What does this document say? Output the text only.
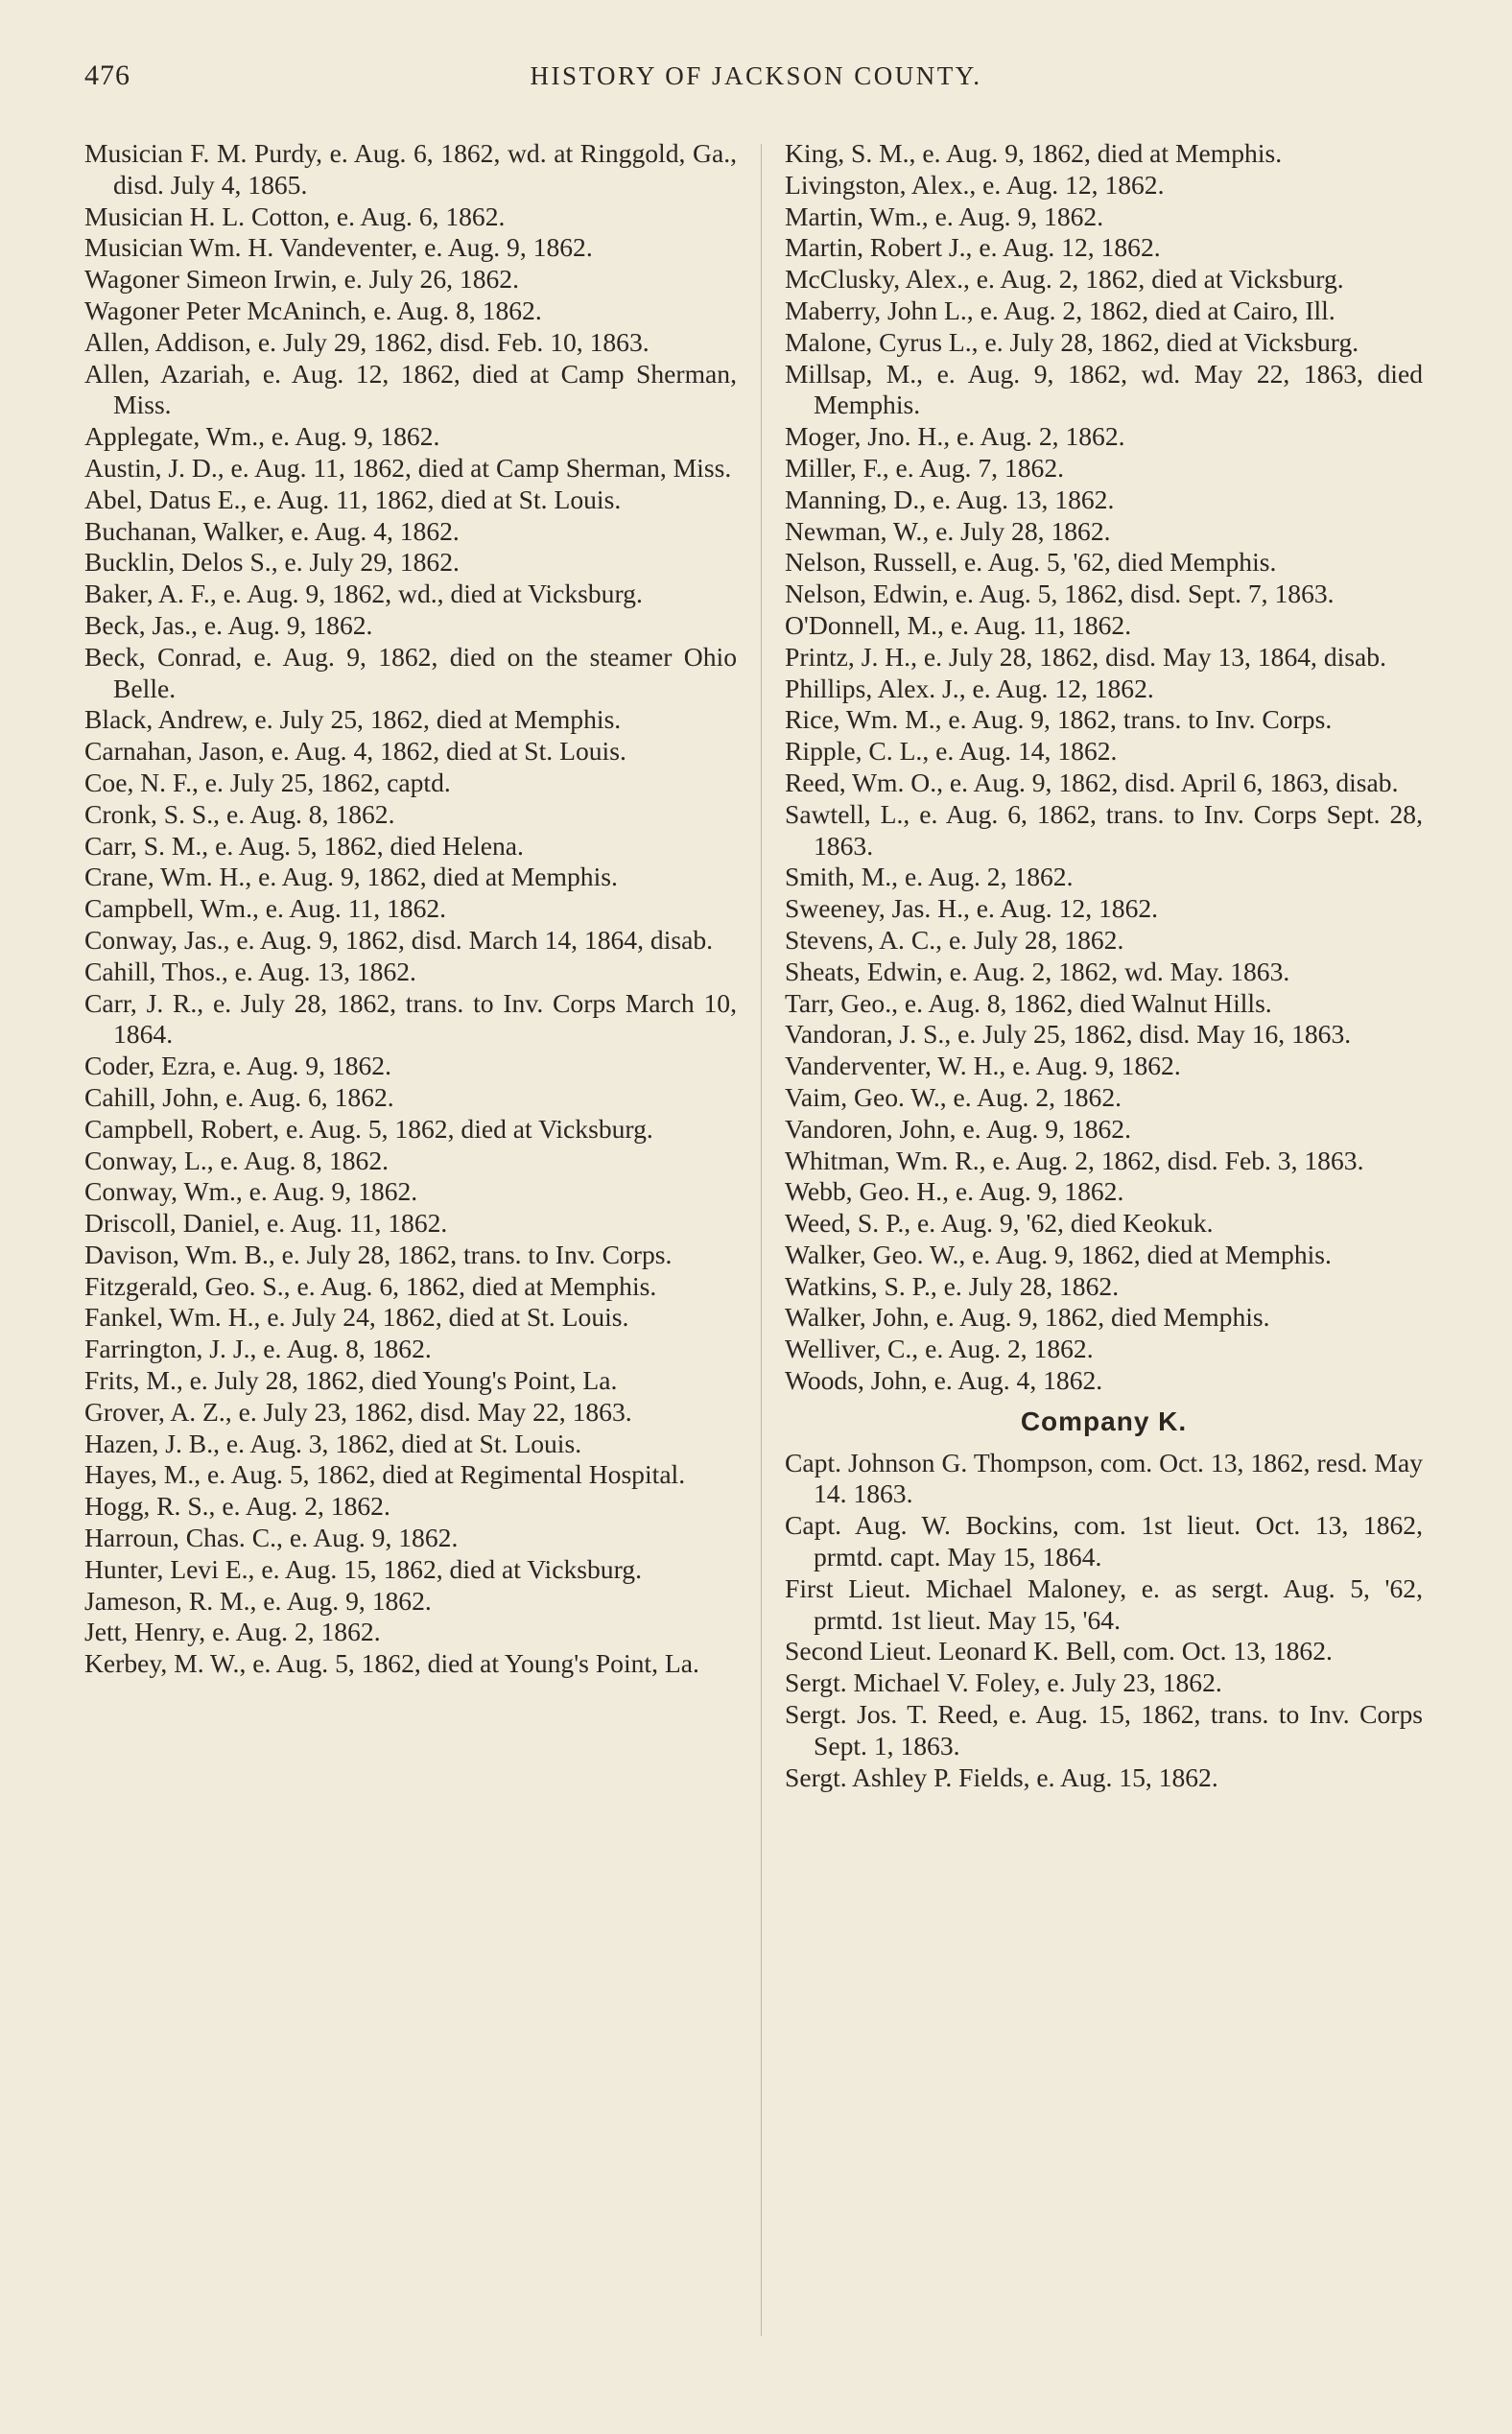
476	HISTORY OF JACKSON COUNTY.

Musician F. M. Purdy, e. Aug. 6, 1862, wd. at Ringgold, Ga., disd. July 4, 1865.

Musician H. L. Cotton, e. Aug. 6, 1862.

Musician Wm. H. Vandeventer, e. Aug. 9, 1862.

Wagoner Simeon Irwin, e. July 26, 1862.

Wagoner Peter McAninch, e. Aug. 8, 1862.

Allen, Addison, e. July 29, 1862, disd. Feb. 10, 1863.

Allen, Azariah, e. Aug. 12, 1862, died at Camp Sherman, Miss.

Applegate, Wm., e. Aug. 9, 1862.

Austin, J. D., e. Aug. 11, 1862, died at Camp Sherman, Miss.

Abel, Datus E., e. Aug. 11, 1862, died at St. Louis.

Buchanan, Walker, e. Aug. 4, 1862.

Bucklin, Delos S., e. July 29, 1862.

Baker, A. F., e. Aug. 9, 1862, wd., died at Vicksburg.

Beck, Jas., e. Aug. 9, 1862.

Beck, Conrad, e. Aug. 9, 1862, died on the steamer Ohio Belle.

Black, Andrew, e. July 25, 1862, died at Memphis.

Carnahan, Jason, e. Aug. 4, 1862, died at St. Louis.

Coe, N. F., e. July 25, 1862, captd.

Cronk, S. S., e. Aug. 8, 1862.

Carr, S. M., e. Aug. 5, 1862, died Helena.

Crane, Wm. H., e. Aug. 9, 1862, died at Memphis.

Campbell, Wm., e. Aug. 11, 1862.

Conway, Jas., e. Aug. 9, 1862, disd. March 14, 1864, disab.

Cahill, Thos., e. Aug. 13, 1862.

Carr, J. R., e. July 28, 1862, trans. to Inv. Corps March 10, 1864.

Coder, Ezra, e. Aug. 9, 1862.

Cahill, John, e. Aug. 6, 1862.

Campbell, Robert, e. Aug. 5, 1862, died at Vicksburg.

Conway, L., e. Aug. 8, 1862.

Conway, Wm., e. Aug. 9, 1862.

Driscoll, Daniel, e. Aug. 11, 1862.

Davison, Wm. B., e. July 28, 1862, trans. to Inv. Corps.

Fitzgerald, Geo. S., e. Aug. 6, 1862, died at Memphis.

Fankel, Wm. H., e. July 24, 1862, died at St. Louis.

Farrington, J. J., e. Aug. 8, 1862.

Frits, M., e. July 28, 1862, died Young's Point, La.

Grover, A. Z., e. July 23, 1862, disd. May 22, 1863.

Hazen, J. B., e. Aug. 3, 1862, died at St. Louis.

Hayes, M., e. Aug. 5, 1862, died at Regimental Hospital.

Hogg, R. S., e. Aug. 2, 1862.

Harroun, Chas. C., e. Aug. 9, 1862.

Hunter, Levi E., e. Aug. 15, 1862, died at Vicksburg.

Jameson, R. M., e. Aug. 9, 1862.

Jett, Henry, e. Aug. 2, 1862.

Kerbey, M. W., e. Aug. 5, 1862, died at Young's Point, La.

King, S. M., e. Aug. 9, 1862, died at Memphis.

Livingston, Alex., e. Aug. 12, 1862.

Martin, Wm., e. Aug. 9, 1862.

Martin, Robert J., e. Aug. 12, 1862.

McClusky, Alex., e. Aug. 2, 1862, died at Vicksburg.

Maberry, John L., e. Aug. 2, 1862, died at Cairo, Ill.

Malone, Cyrus L., e. July 28, 1862, died at Vicksburg.

Millsap, M., e. Aug. 9, 1862, wd. May 22, 1863, died Memphis.

Moger, Jno. H., e. Aug. 2, 1862.

Miller, F., e. Aug. 7, 1862.

Manning, D., e. Aug. 13, 1862.

Newman, W., e. July 28, 1862.

Nelson, Russell, e. Aug. 5, '62, died Memphis.

Nelson, Edwin, e. Aug. 5, 1862, disd. Sept. 7, 1863.

O'Donnell, M., e. Aug. 11, 1862.

Printz, J. H., e. July 28, 1862, disd. May 13, 1864, disab.

Phillips, Alex. J., e. Aug. 12, 1862.

Rice, Wm. M., e. Aug. 9, 1862, trans. to Inv. Corps.

Ripple, C. L., e. Aug. 14, 1862.

Reed, Wm. O., e. Aug. 9, 1862, disd. April 6, 1863, disab.

Sawtell, L., e. Aug. 6, 1862, trans. to Inv. Corps Sept. 28, 1863.

Smith, M., e. Aug. 2, 1862.

Sweeney, Jas. H., e. Aug. 12, 1862.

Stevens, A. C., e. July 28, 1862.

Sheats, Edwin, e. Aug. 2, 1862, wd. May. 1863.

Tarr, Geo., e. Aug. 8, 1862, died Walnut Hills.

Vandoran, J. S., e. July 25, 1862, disd. May 16, 1863.

Vanderventer, W. H., e. Aug. 9, 1862.

Vaim, Geo. W., e. Aug. 2, 1862.

Vandoren, John, e. Aug. 9, 1862.

Whitman, Wm. R., e. Aug. 2, 1862, disd. Feb. 3, 1863.

Webb, Geo. H., e. Aug. 9, 1862.

Weed, S. P., e. Aug. 9, '62, died Keokuk.

Walker, Geo. W., e. Aug. 9, 1862, died at Memphis.

Watkins, S. P., e. July 28, 1862.

Walker, John, e. Aug. 9, 1862, died Memphis.

Welliver, C., e. Aug. 2, 1862.

Woods, John, e. Aug. 4, 1862.

Company K.

Capt. Johnson G. Thompson, com. Oct. 13, 1862, resd. May 14. 1863.

Capt. Aug. W. Bockins, com. 1st lieut. Oct. 13, 1862, prmtd. capt. May 15, 1864.

First Lieut. Michael Maloney, e. as sergt. Aug. 5, '62, prmtd. 1st lieut. May 15, '64.

Second Lieut. Leonard K. Bell, com. Oct. 13, 1862.

Sergt. Michael V. Foley, e. July 23, 1862.

Sergt. Jos. T. Reed, e. Aug. 15, 1862, trans. to Inv. Corps Sept. 1, 1863.

Sergt. Ashley P. Fields, e. Aug. 15, 1862.
